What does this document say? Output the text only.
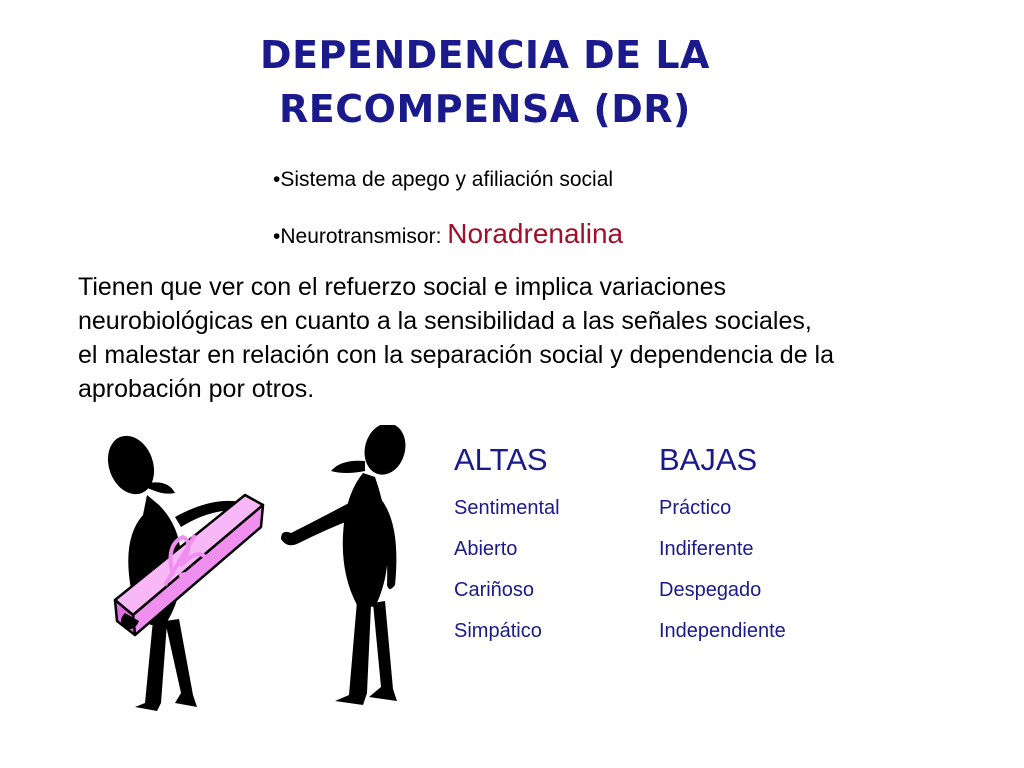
DEPENDENCIA DE LA
RECOMPENSA (DR)
•Sistema de apego y afiliación social
•Neurotransmisor: Noradrenalina
Tienen que ver con el refuerzo social e implica variaciones neurobiológicas en cuanto a la sensibilidad a las señales sociales, el malestar en relación con la separación social y dependencia de la aprobación por otros.
ALTAS
Sentimental
Abierto
Cariñoso
Simpático
BAJAS
Práctico
Indiferente
Despegado
Independiente
